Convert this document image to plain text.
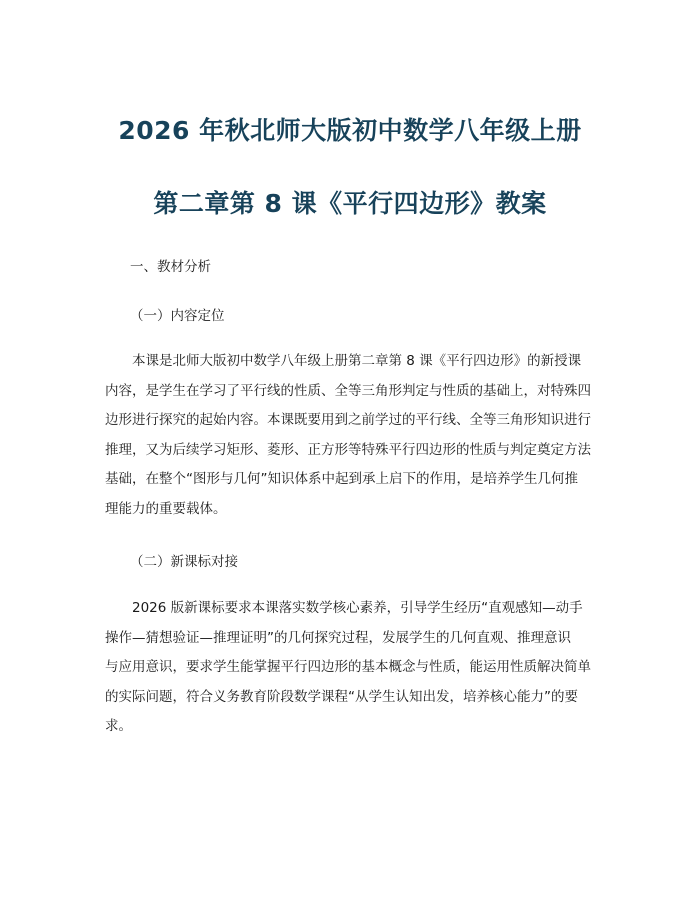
2026 年秋北师大版初中数学八年级上册
第二章第 8 课《平行四边形》教案

一、教材分析

（一）内容定位

本课是北师大版初中数学八年级上册第二章第 8 课《平行四边形》的新授课
内容，是学生在学习了平行线的性质、全等三角形判定与性质的基础上，对特殊四
边形进行探究的起始内容。本课既要用到之前学过的平行线、全等三角形知识进行
推理，又为后续学习矩形、菱形、正方形等特殊平行四边形的性质与判定奠定方法
基础，在整个“图形与几何”知识体系中起到承上启下的作用，是培养学生几何推
理能力的重要载体。

（二）新课标对接

2026 版新课标要求本课落实数学核心素养，引导学生经历“直观感知—动手
操作—猜想验证—推理证明”的几何探究过程，发展学生的几何直观、推理意识
与应用意识，要求学生能掌握平行四边形的基本概念与性质，能运用性质解决简单
的实际问题，符合义务教育阶段数学课程“从学生认知出发，培养核心能力”的要
求。
